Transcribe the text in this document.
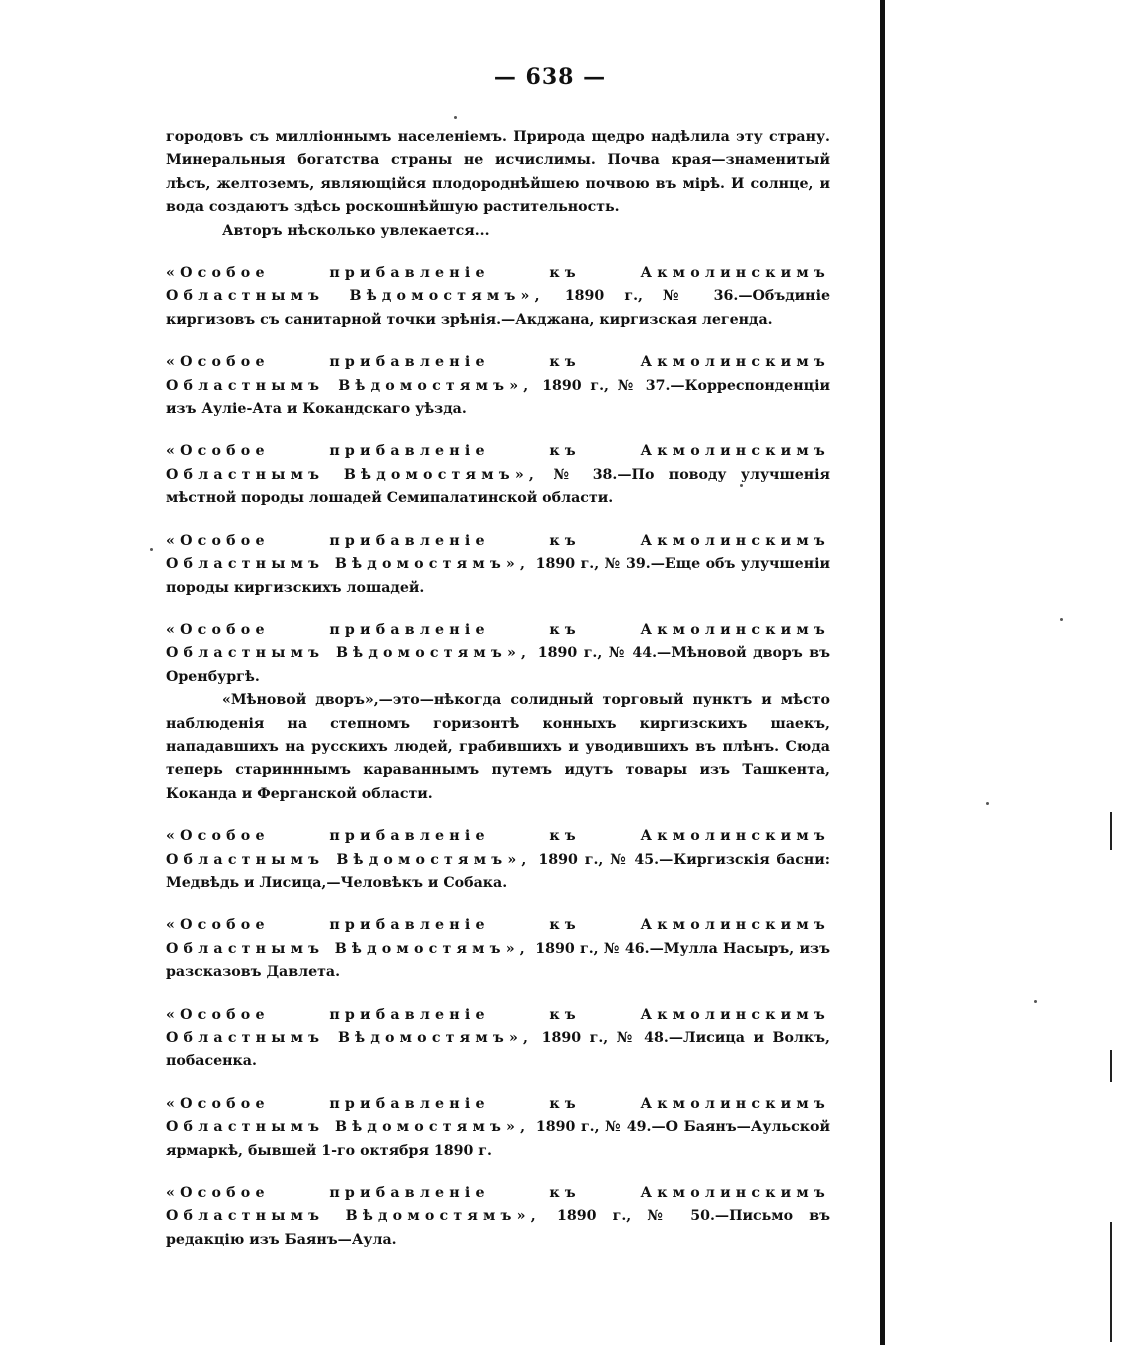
— 638 —

городовъ съ милліоннымъ населеніемъ. Природа щедро надѣлила эту страну. Минеральныя богатства страны не исчислимы. Почва края—знаменитый лѣсъ, желтоземъ, являющійся плодороднѣйшею почвою въ мірѣ. И солнце, и вода создаютъ здѣсь роскошнѣйшую растительность.

Авторъ нѣсколько увлекается...

«Особое прибавленіе къ Акмолинскимъ Областнымъ Вѣдомостямъ», 1890 г., № 36.—Объдиніе киргизовъ съ санитарной точки зрѣнія.—Акджана, киргизская легенда.

«Особое прибавленіе къ Акмолинскимъ Областнымъ Вѣдомостямъ», 1890 г., № 37.—Корреспонденціи изъ Ауліе-Ата и Кокандскаго уѣзда.

«Особое прибавленіе къ Акмолинскимъ Областнымъ Вѣдомостямъ», № 38.—По поводу улучшенія мѣстной породы лошадей Семипалатинской области.

«Особое прибавленіе къ Акмолинскимъ Областнымъ Вѣдомостямъ», 1890 г., № 39.—Еще объ улучшеніи породы киргизскихъ лошадей.

«Особое прибавленіе къ Акмолинскимъ Областнымъ Вѣдомостямъ», 1890 г., № 44.—Мѣновой дворъ въ Оренбургѣ.

«Мѣновой дворъ»,—это—нѣкогда солидный торговый пунктъ и мѣсто наблюденія на степномъ горизонтѣ конныхъ киргизскихъ шаекъ, нападавшихъ на русскихъ людей, грабившихъ и уводившихъ въ плѣнъ. Сюда теперь старинннымъ караваннымъ путемъ идутъ товары изъ Ташкента, Коканда и Ферганской области.

«Особое прибавленіе къ Акмолинскимъ Областнымъ Вѣдомостямъ», 1890 г., № 45.—Киргизскія басни: Медвѣдь и Лисица,—Человѣкъ и Собака.

«Особое прибавленіе къ Акмолинскимъ Областнымъ Вѣдомостямъ», 1890 г., № 46.—Мулла Насыръ, изъ разсказовъ Давлета.

«Особое прибавленіе къ Акмолинскимъ Областнымъ Вѣдомостямъ», 1890 г., № 48.—Лисица и Волкъ, побасенка.

«Особое прибавленіе къ Акмолинскимъ Областнымъ Вѣдомостямъ», 1890 г., № 49.—О Баянъ—Аульской ярмаркѣ, бывшей 1-го октября 1890 г.

«Особое прибавленіе къ Акмолинскимъ Областнымъ Вѣдомостямъ», 1890 г., № 50.—Письмо въ редакцію изъ Баянъ—Аула.
